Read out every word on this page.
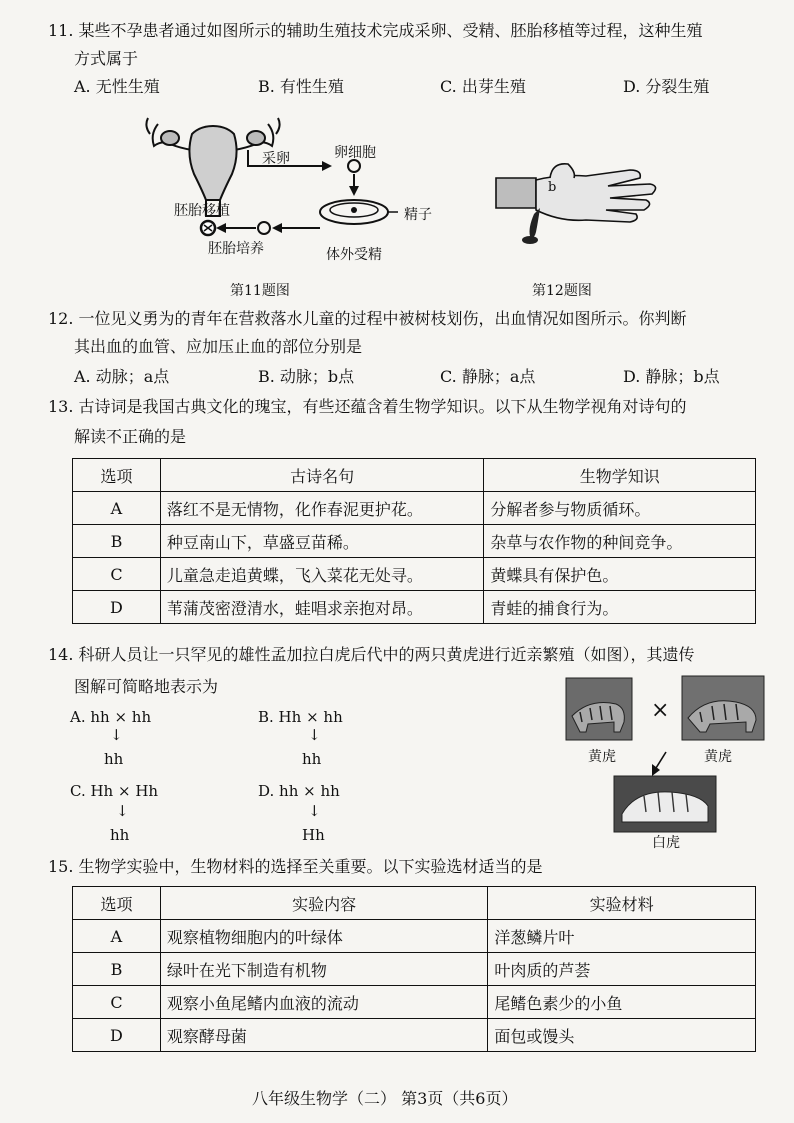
11. 某些不孕患者通过如图所示的辅助生殖技术完成采卵、受精、胚胎移植等过程，这种生殖
方式属于
A. 无性生殖	B. 有性生殖	C. 出芽生殖	D. 分裂生殖
采卵	卵细胞
精子
体外受精
胚胎培养
胚胎移植
第11题图
b
第12题图
12. 一位见义勇为的青年在营救落水儿童的过程中被树枝划伤，出血情况如图所示。你判断
其出血的血管、应加压止血的部位分别是
A. 动脉；a点	B. 动脉；b点	C. 静脉；a点	D. 静脉；b点
13. 古诗词是我国古典文化的瑰宝，有些还蕴含着生物学知识。以下从生物学视角对诗句的
解读不正确的是
选项	古诗名句	生物学知识
A	落红不是无情物，化作春泥更护花。	分解者参与物质循环。
B	种豆南山下，草盛豆苗稀。	杂草与农作物的种间竞争。
C	儿童急走追黄蝶，飞入菜花无处寻。	黄蝶具有保护色。
D	苇蒲茂密澄清水，蛙唱求亲抱对昂。	青蛙的捕食行为。
14. 科研人员让一只罕见的雄性孟加拉白虎后代中的两只黄虎进行近亲繁殖（如图），其遗传
图解可简略地表示为
A. hh × hh
↓
hh
B. Hh × hh
↓
hh
C. Hh × Hh
↓
hh
D. hh × hh
↓
Hh
×
黄虎	黄虎
白虎
15. 生物学实验中，生物材料的选择至关重要。以下实验选材适当的是
选项	实验内容	实验材料
A	观察植物细胞内的叶绿体	洋葱鳞片叶
B	绿叶在光下制造有机物	叶肉质的芦荟
C	观察小鱼尾鳍内血液的流动	尾鳍色素少的小鱼
D	观察酵母菌	面包或馒头
八年级生物学（二） 第3页（共6页）
